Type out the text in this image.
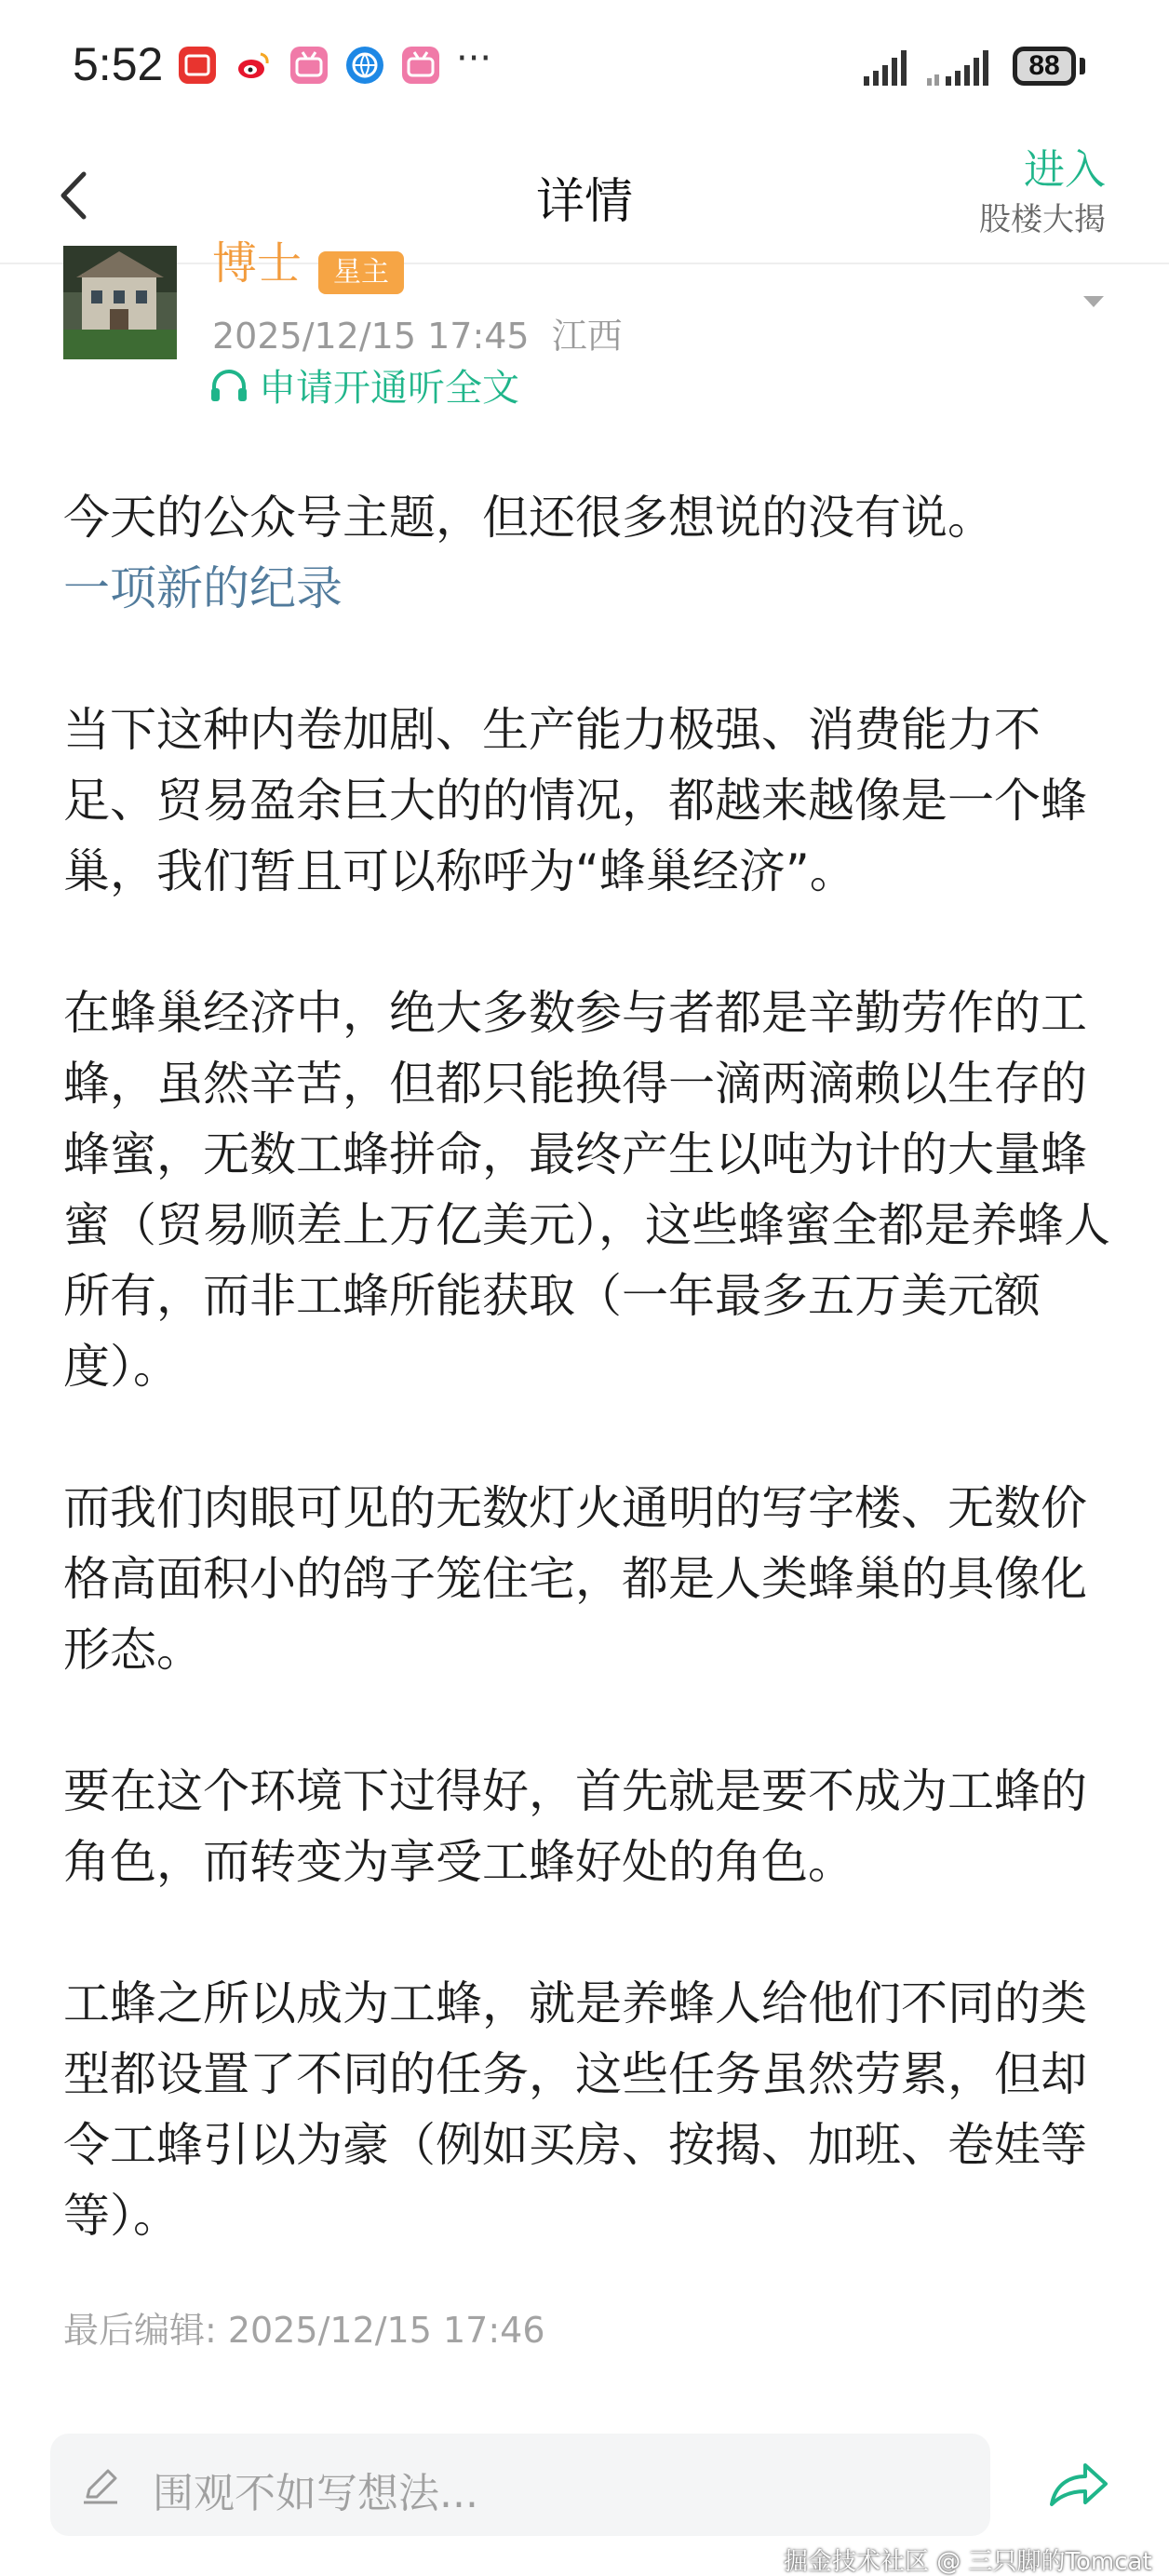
5:52	···	88
详情
进入
股楼大揭
博士	星主
2025/12/15 17:45 江西
申请开通听全文

今天的公众号主题，但还很多想说的没有说。
一项新的纪录

当下这种内卷加剧、生产能力极强、消费能力不足、贸易盈余巨大的的情况，都越来越像是一个蜂巢，我们暂且可以称呼为“蜂巢经济”。

在蜂巢经济中，绝大多数参与者都是辛勤劳作的工蜂，虽然辛苦，但都只能换得一滴两滴赖以生存的蜂蜜，无数工蜂拼命，最终产生以吨为计的大量蜂蜜（贸易顺差上万亿美元），这些蜂蜜全都是养蜂人所有，而非工蜂所能获取（一年最多五万美元额度）。

而我们肉眼可见的无数灯火通明的写字楼、无数价格高面积小的鸽子笼住宅，都是人类蜂巢的具像化形态。

要在这个环境下过得好，首先就是要不成为工蜂的角色，而转变为享受工蜂好处的角色。

工蜂之所以成为工蜂，就是养蜂人给他们不同的类型都设置了不同的任务，这些任务虽然劳累，但却令工蜂引以为豪（例如买房、按揭、加班、卷娃等等）。

最后编辑: 2025/12/15 17:46
围观不如写想法...
掘金技术社区 @ 三只脚的Tomcat
